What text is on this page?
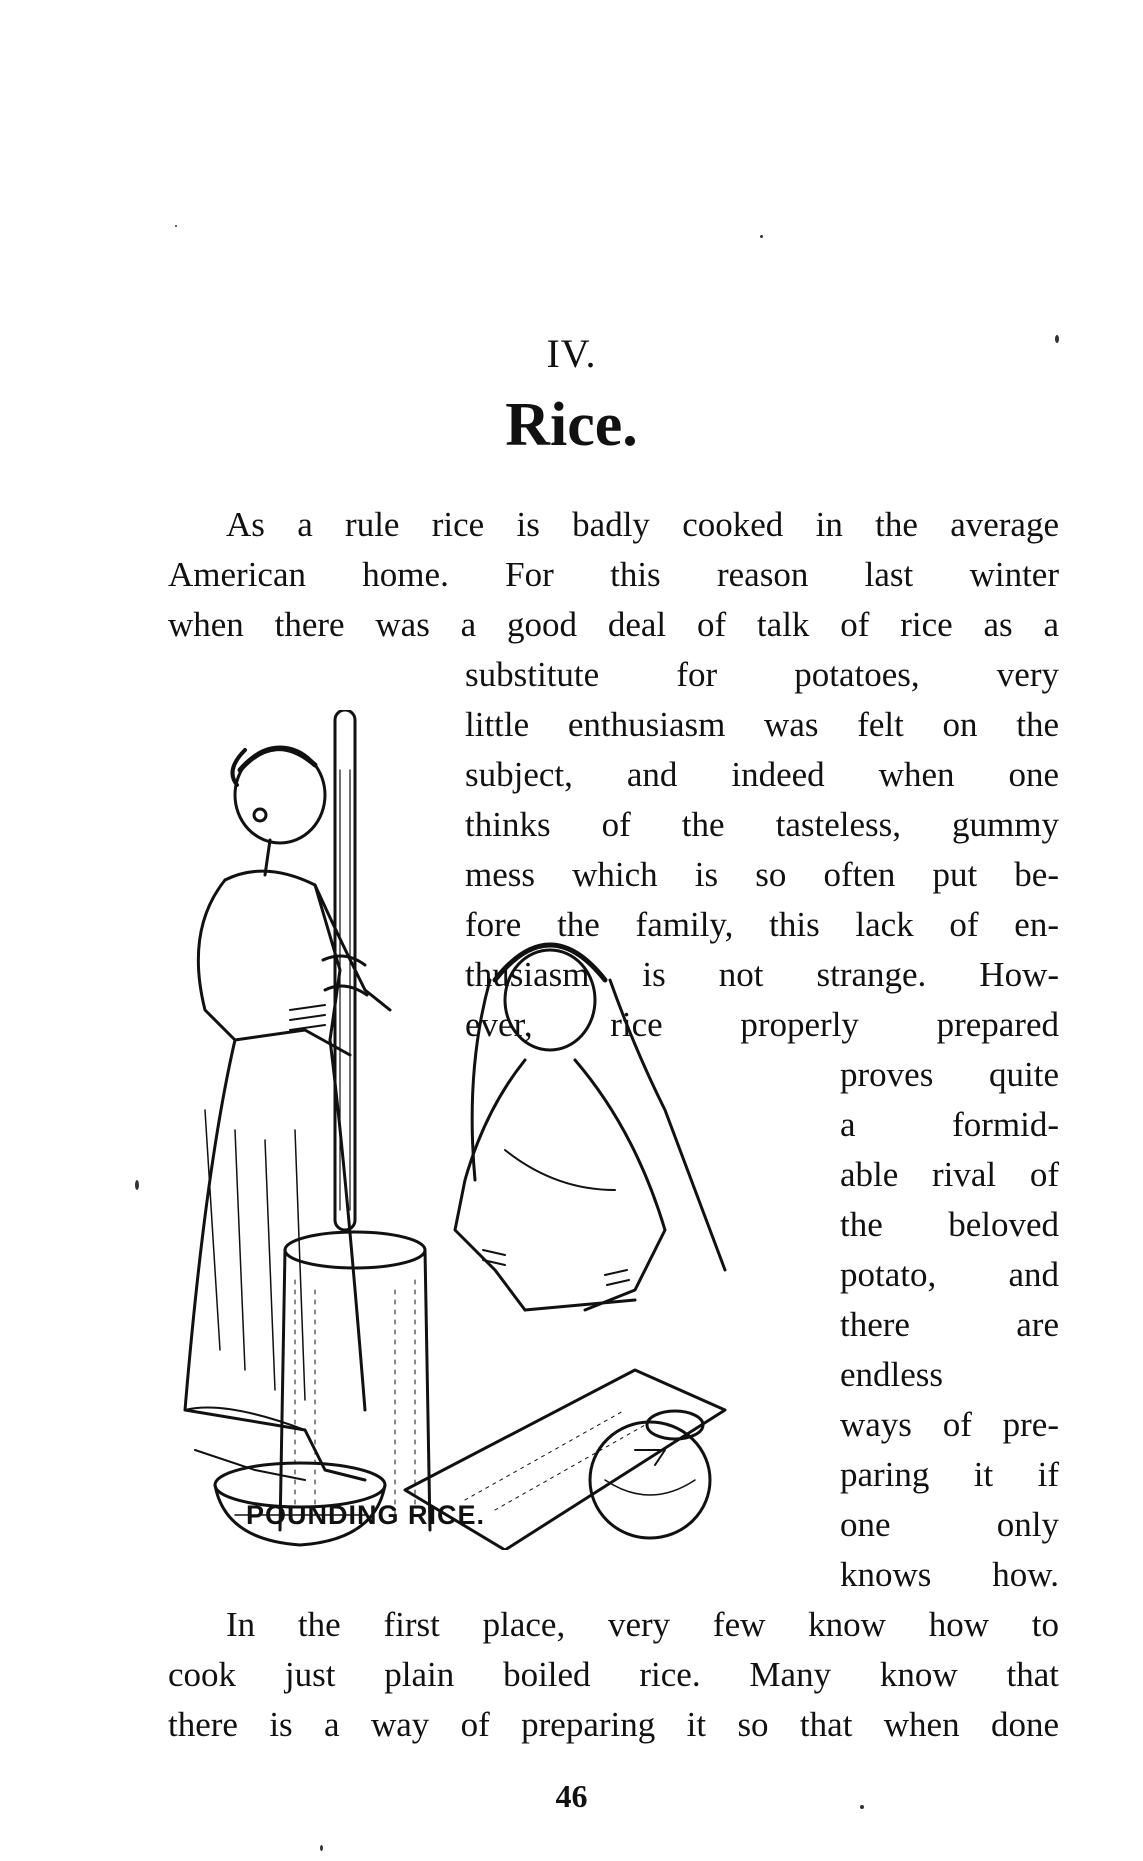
IV.
Rice.
As a rule rice is badly cooked in the average
American home. For this reason last winter
when there was a good deal of talk of rice as a
substitute for potatoes, very
little enthusiasm was felt on the
subject, and indeed when one
thinks of the tasteless, gummy
mess which is so often put be-
fore the family, this lack of en-
thusiasm is not strange. How-
ever, rice properly prepared
proves quite
a formid-
able rival of
the beloved
potato, and
there are
endless
ways of pre-
paring it if
one only
knows how.
In the first place, very few know how to
cook just plain boiled rice. Many know that
there is a way of preparing it so that when done
POUNDING RICE.
46
